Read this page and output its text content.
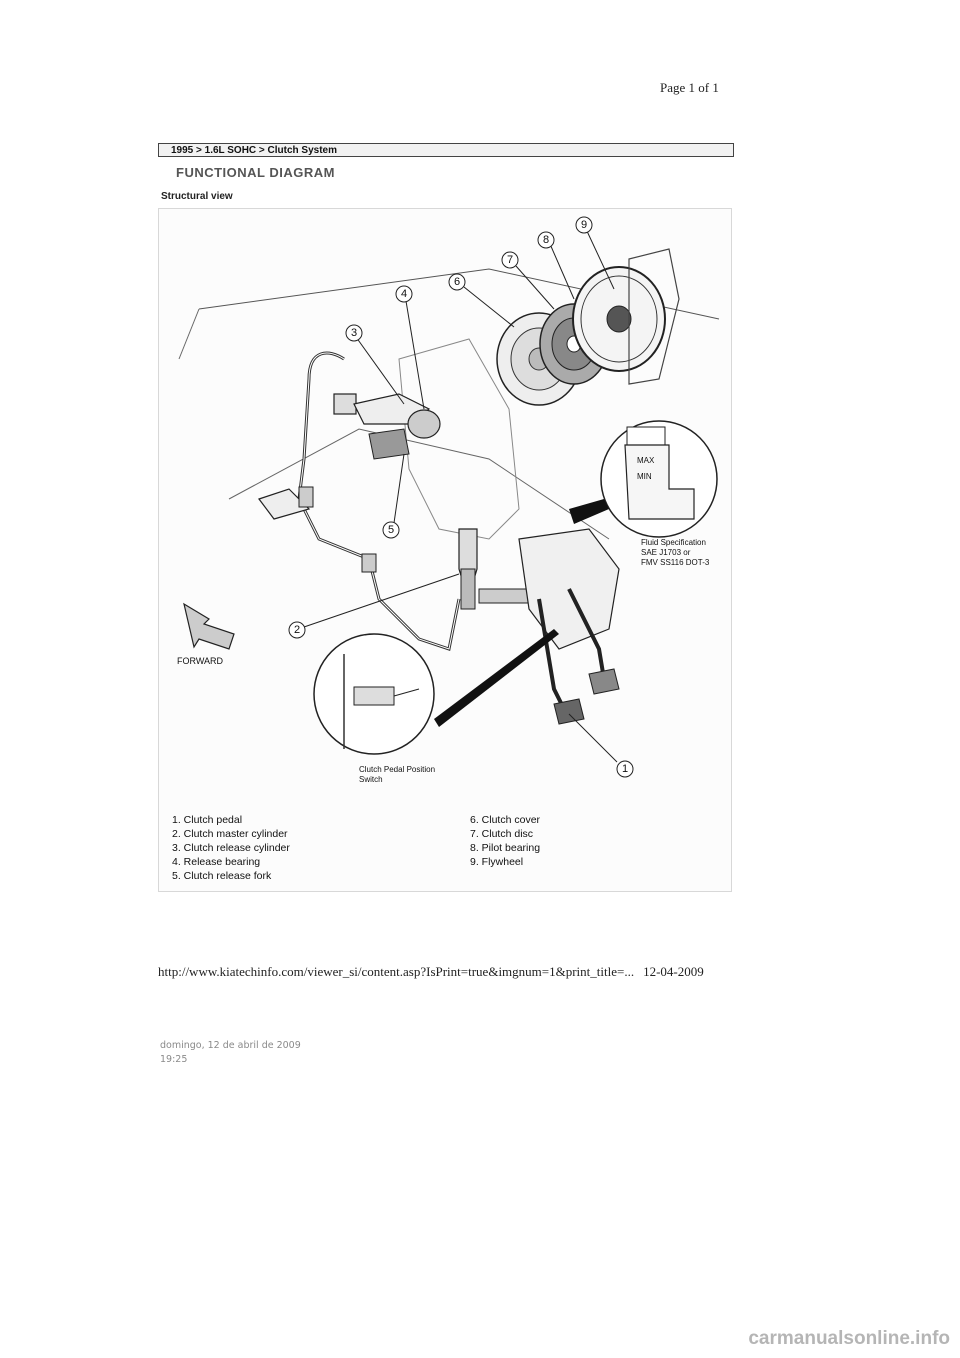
Page 1 of 1
1995 > 1.6L SOHC > Clutch System
FUNCTIONAL DIAGRAM
Structural view
MAX
MIN
Fluid Specification
SAE J1703 or
FMV SS116 DOT-3
Clutch Pedal Position
Switch
FORWARD
1
2
3
4
5
6
7
8
9
1. Clutch pedal
2. Clutch master cylinder
3. Clutch release cylinder
4. Release bearing
5. Clutch release fork
6. Clutch cover
7. Clutch disc
8. Pilot bearing
9. Flywheel
http://www.kiatechinfo.com/viewer_si/content.asp?IsPrint=true&imgnum=1&print_title=... 12-04-2009
domingo, 12 de abril de 2009
19:25
carmanualsonline.info
